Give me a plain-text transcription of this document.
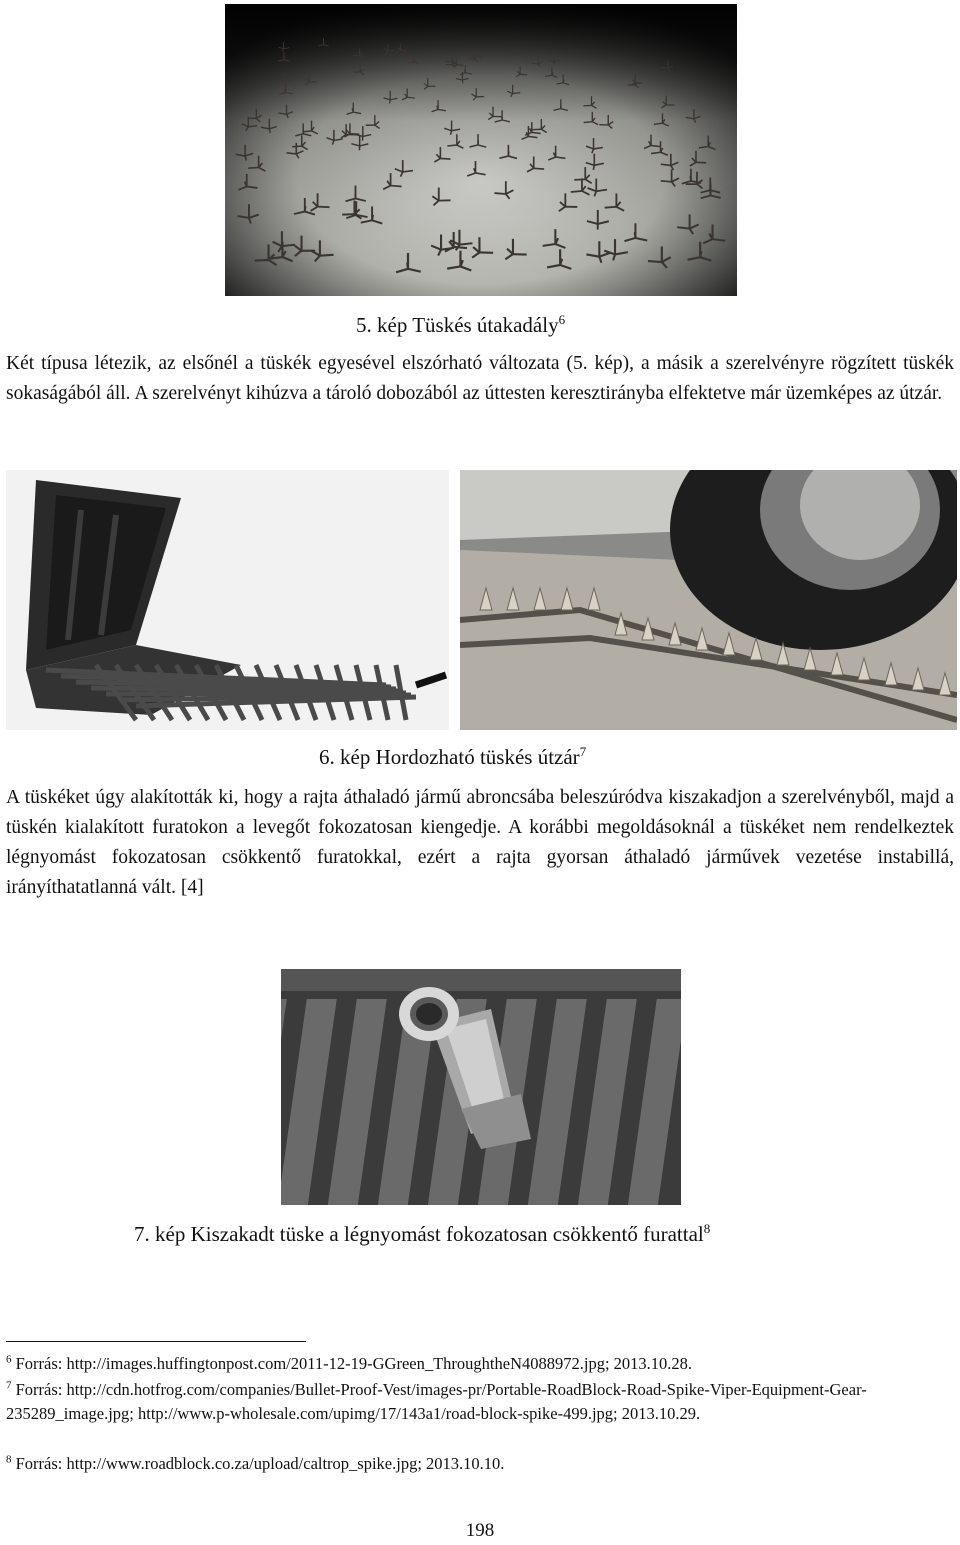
5. kép Tüskés útakadály$^6$
Két típusa létezik, az elsőnél a tüskék egyesével elszórható változata (5. kép), a másik a szerelvényre rögzített tüskék sokaságából áll. A szerelvényt kihúzva a tároló dobozából az úttesten keresztirányba elfektetve már üzemképes az útzár.
6. kép Hordozható tüskés útzár$^7$
A tüskéket úgy alakították ki, hogy a rajta áthaladó jármű abroncsába beleszúródva kiszakadjon a szerelvényből, majd a tüskén kialakított furatokon a levegőt fokozatosan kiengedje. A korábbi megoldásoknál a tüskéket nem rendelkeztek légnyomást fokozatosan csökkentő furatokkal, ezért a rajta gyorsan áthaladó járművek vezetése instabillá, irányíthatatlanná vált. [4]
7. kép Kiszakadt tüske a légnyomást fokozatosan csökkentő furattal$^8$
$^6$ Forrás: http://images.huffingtonpost.com/2011-12-19-GGreen_ThroughtheN4088972.jpg; 2013.10.28.
$^7$ Forrás: http://cdn.hotfrog.com/companies/Bullet-Proof-Vest/images-pr/Portable-RoadBlock-Road-Spike-Viper-Equipment-Gear-235289_image.jpg; http://www.p-wholesale.com/upimg/17/143a1/road-block-spike-499.jpg; 2013.10.29.
$^8$ Forrás: http://www.roadblock.co.za/upload/caltrop_spike.jpg; 2013.10.10.
198
